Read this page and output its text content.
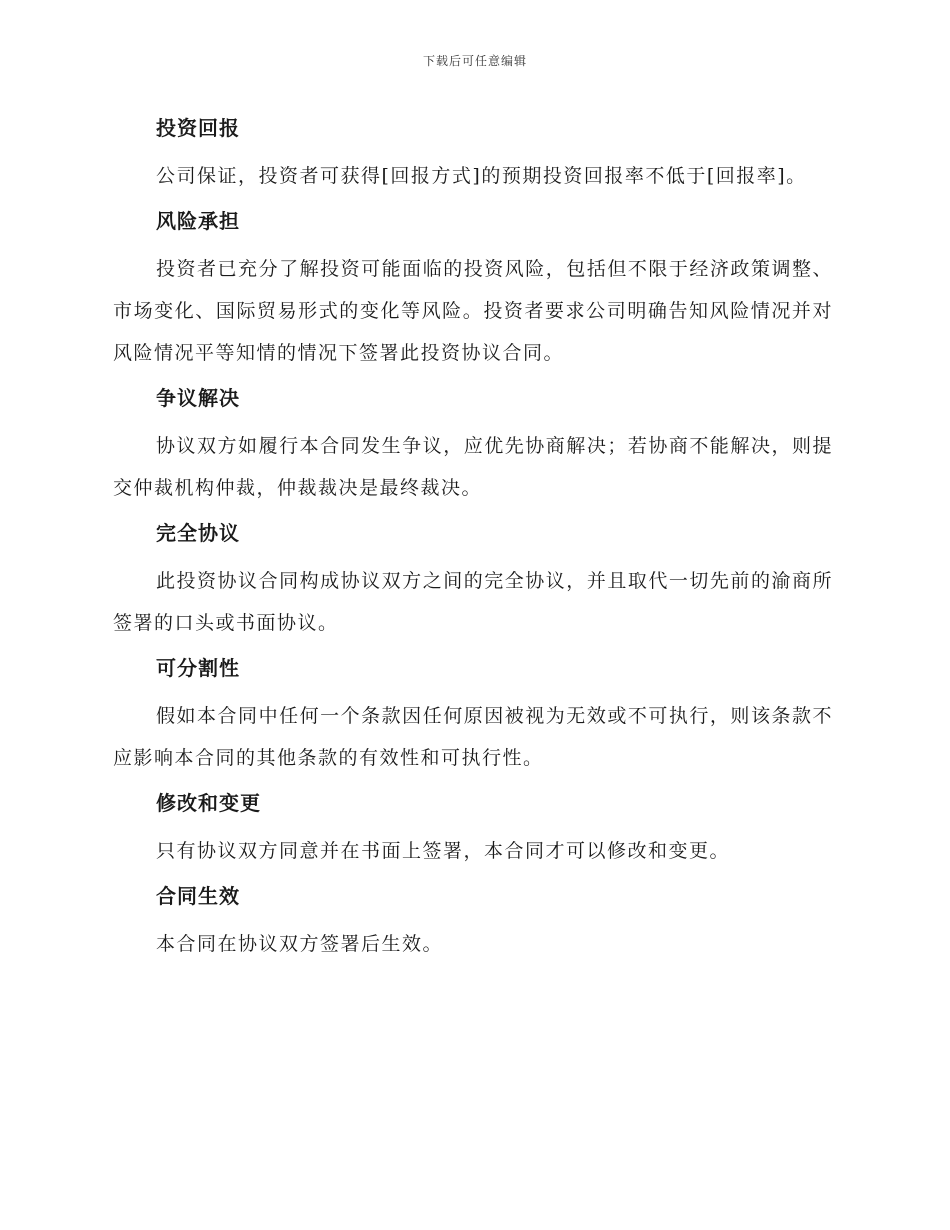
下载后可任意编辑
投资回报

公司保证，投资者可获得[回报方式]的预期投资回报率不低于[回报率]。

风险承担

投资者已充分了解投资可能面临的投资风险，包括但不限于经济政策调整、市场变化、国际贸易形式的变化等风险。投资者要求公司明确告知风险情况并对风险情况平等知情的情况下签署此投资协议合同。

争议解决

协议双方如履行本合同发生争议，应优先协商解决；若协商不能解决，则提交仲裁机构仲裁，仲裁裁决是最终裁决。

完全协议

此投资协议合同构成协议双方之间的完全协议，并且取代一切先前的渝商所签署的口头或书面协议。

可分割性

假如本合同中任何一个条款因任何原因被视为无效或不可执行，则该条款不应影响本合同的其他条款的有效性和可执行性。

修改和变更

只有协议双方同意并在书面上签署，本合同才可以修改和变更。

合同生效

本合同在协议双方签署后生效。
